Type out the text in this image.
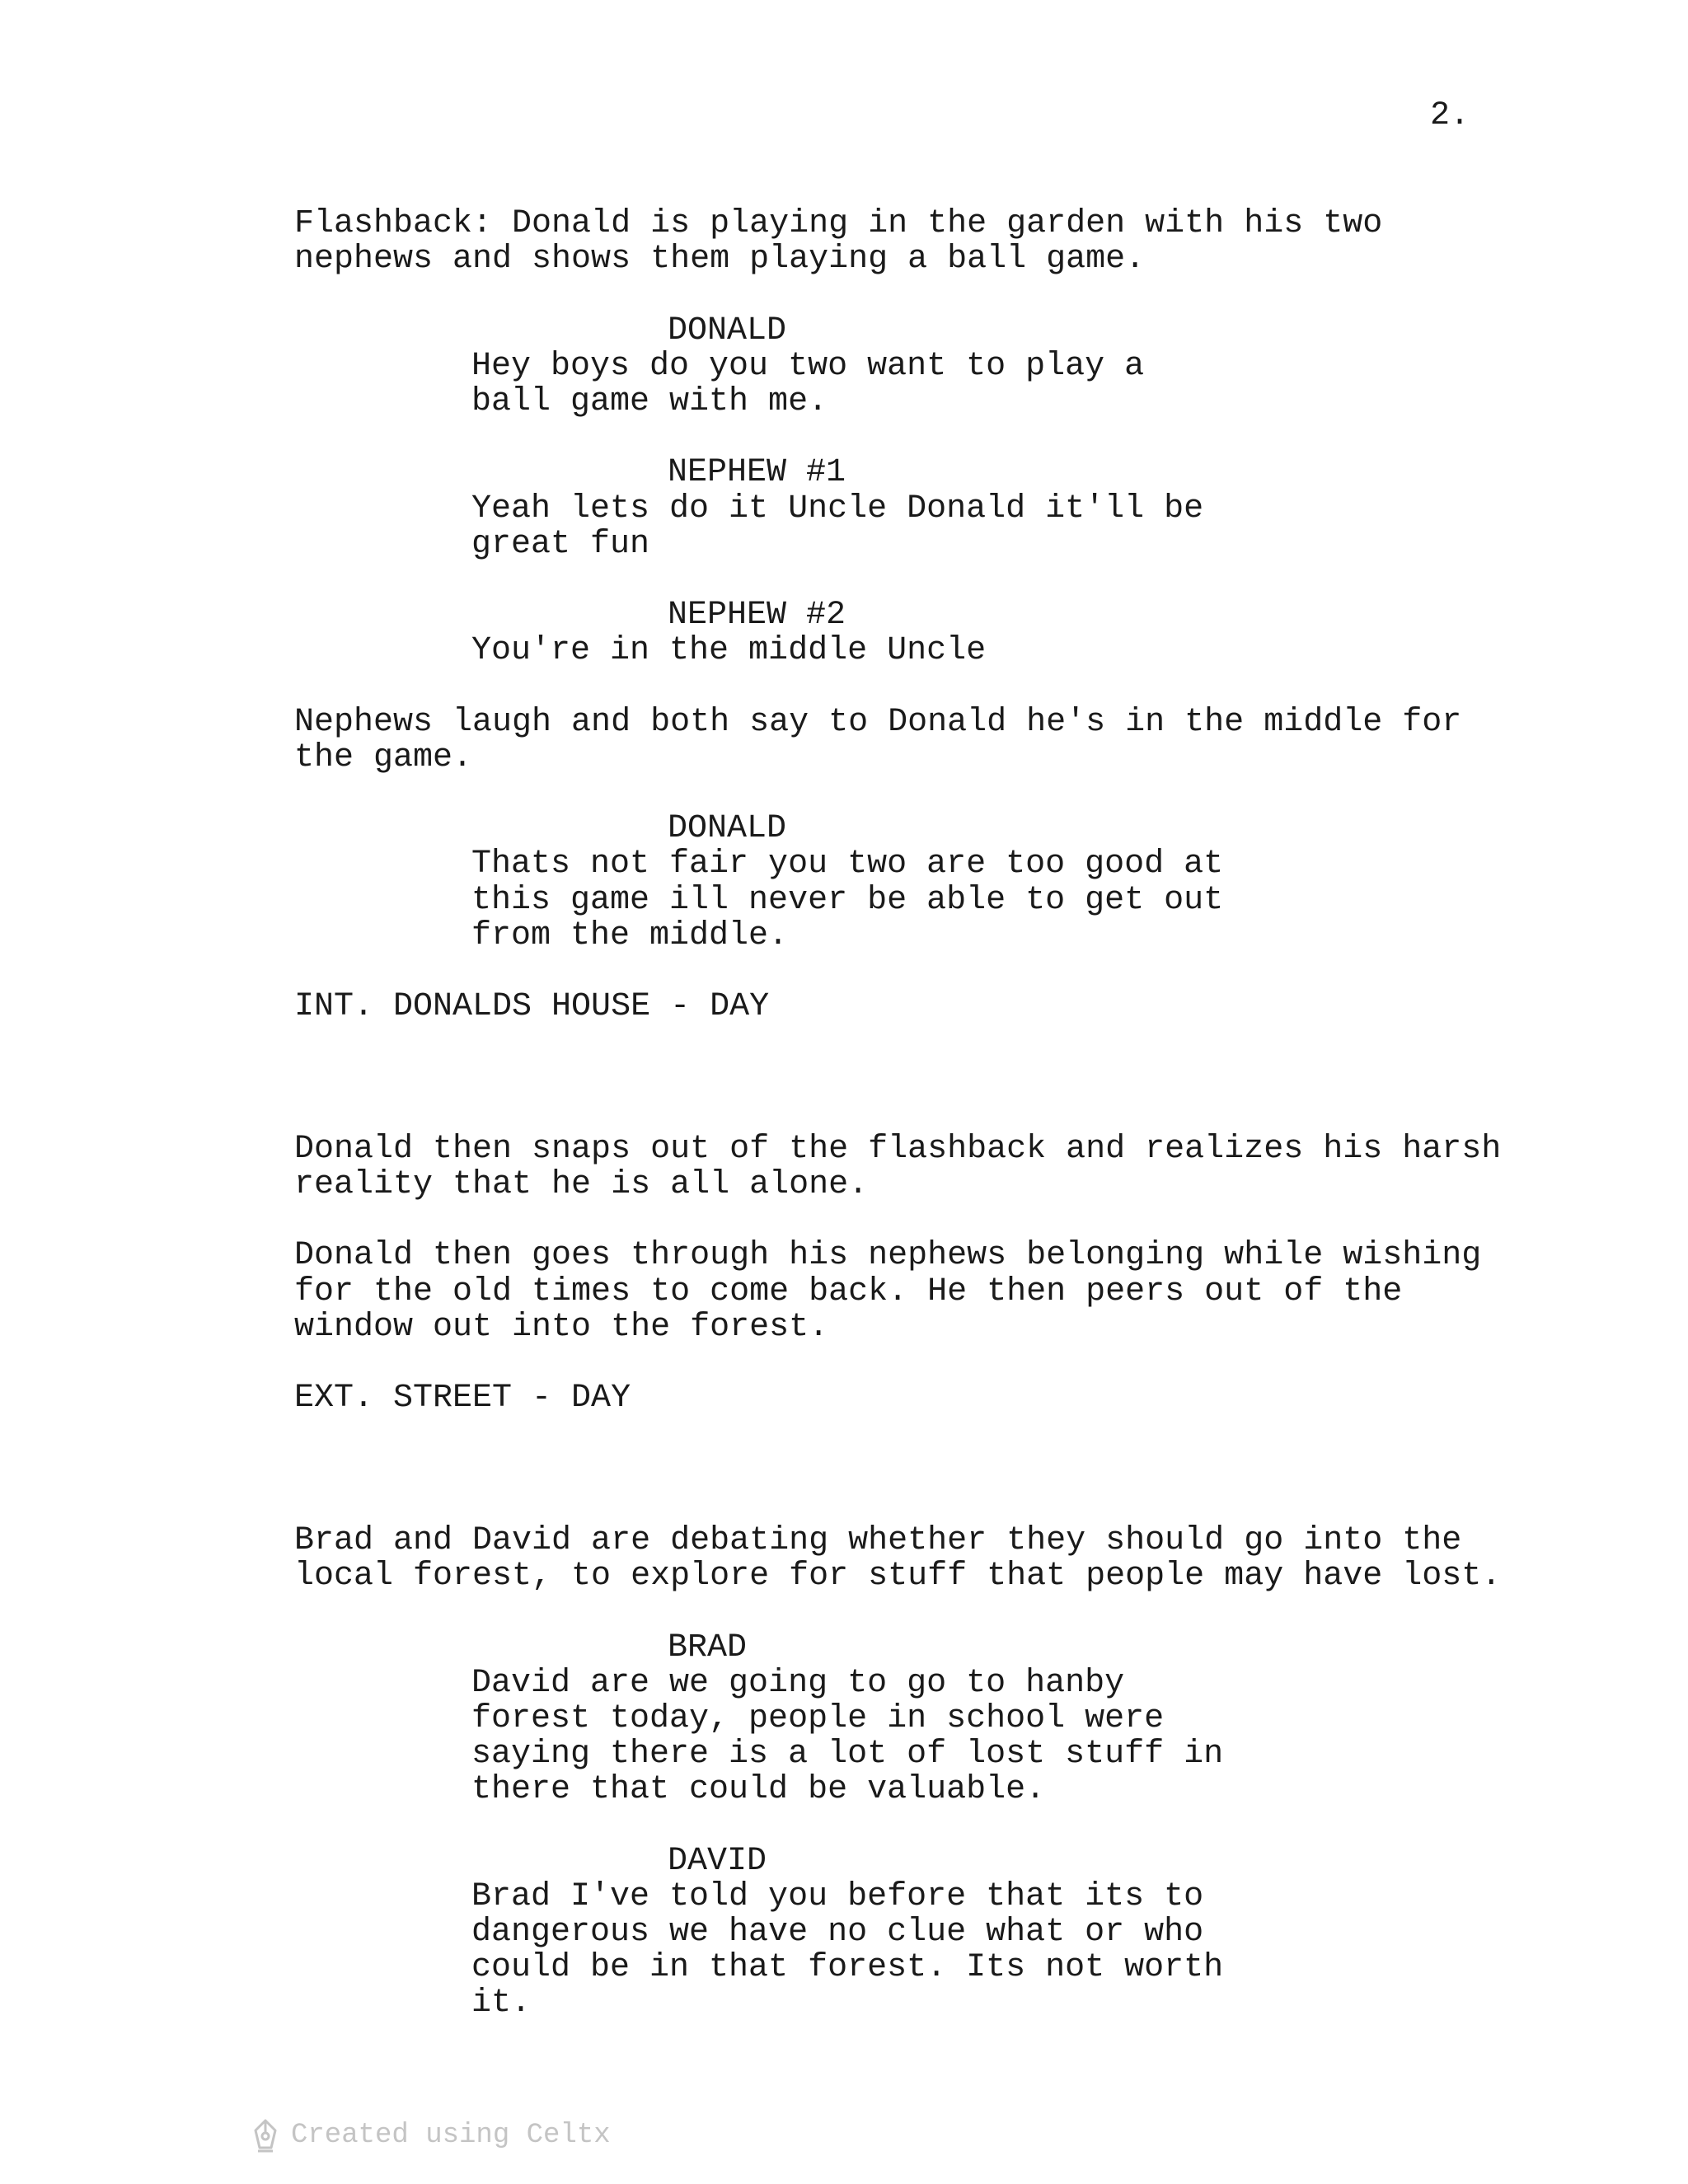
2.

Flashback: Donald is playing in the garden with his two

nephews and shows them playing a ball game.

DONALD

Hey boys do you two want to play a

ball game with me.

NEPHEW #1

Yeah lets do it Uncle Donald it'll be

great fun

NEPHEW #2

You're in the middle Uncle

Nephews laugh and both say to Donald he's in the middle for

the game.

DONALD

Thats not fair you two are too good at

this game ill never be able to get out

from the middle.

INT. DONALDS HOUSE - DAY

Donald then snaps out of the flashback and realizes his harsh

reality that he is all alone.

Donald then goes through his nephews belonging while wishing

for the old times to come back. He then peers out of the

window out into the forest.

EXT. STREET - DAY

Brad and David are debating whether they should go into the

local forest, to explore for stuff that people may have lost.

BRAD

David are we going to go to hanby

forest today, people in school were

saying there is a lot of lost stuff in

there that could be valuable.

DAVID

Brad I've told you before that its to

dangerous we have no clue what or who

could be in that forest. Its not worth

it.

Created using Celtx
